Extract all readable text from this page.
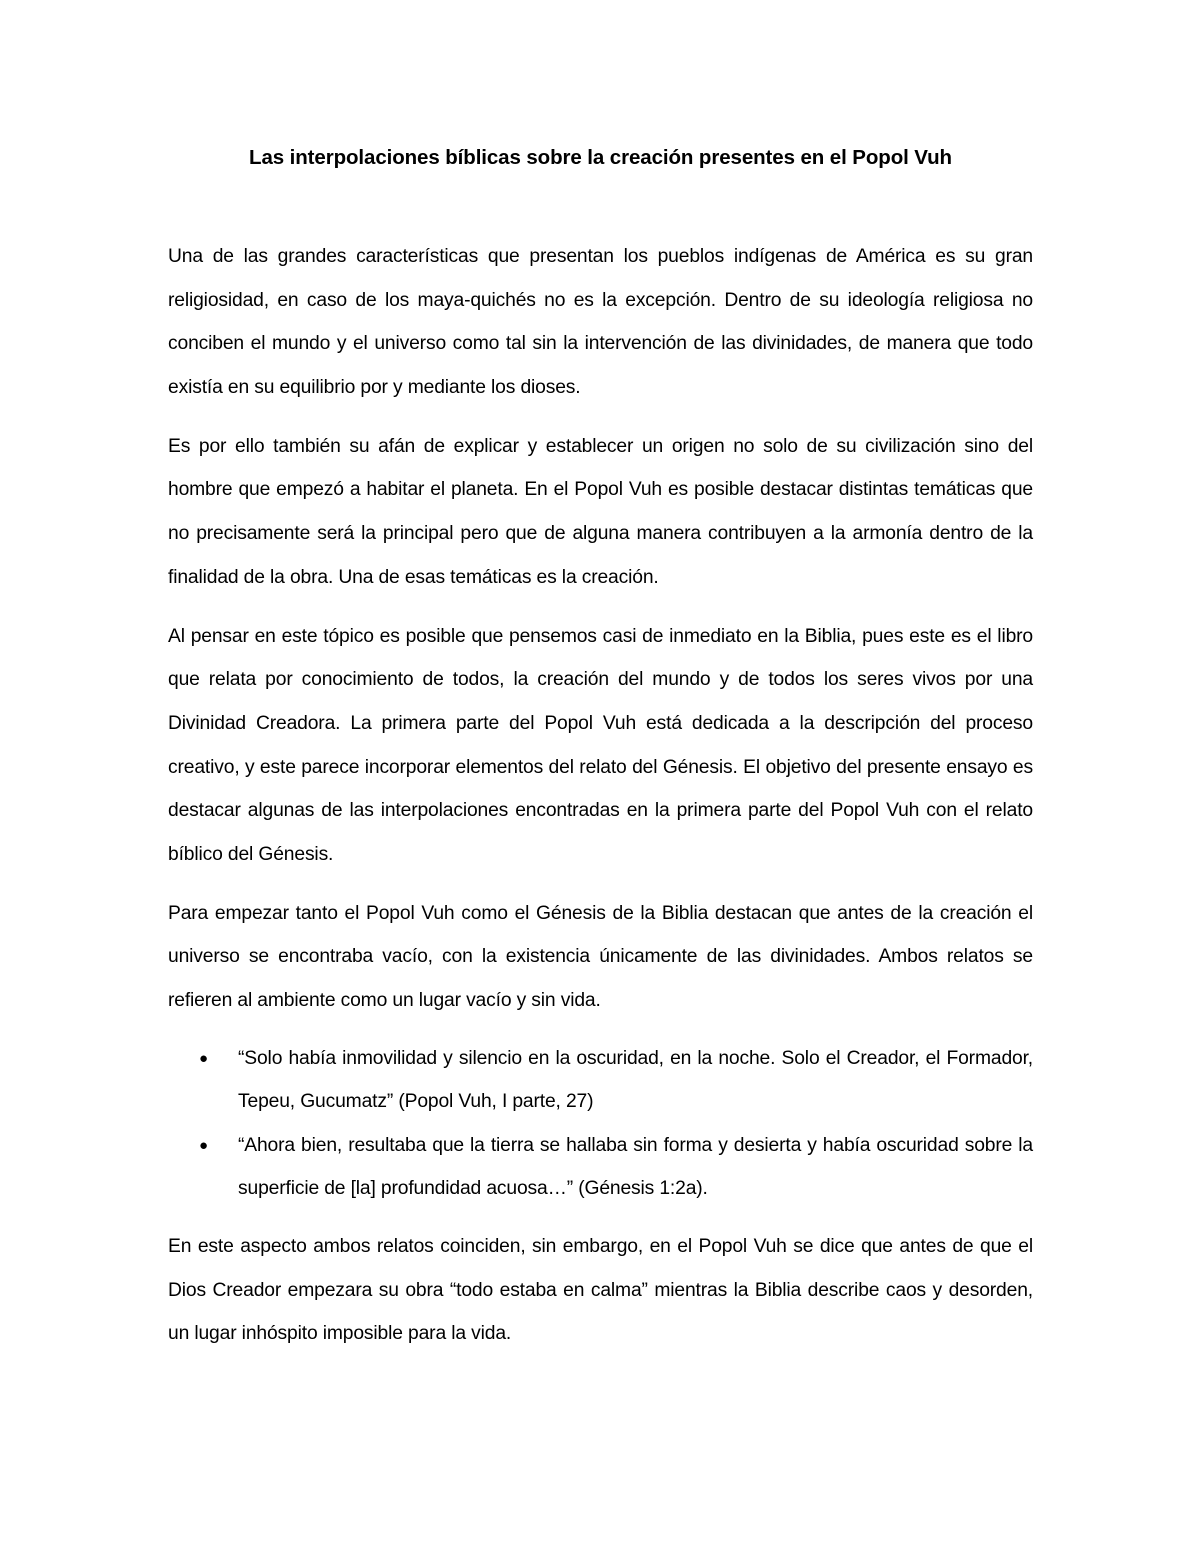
Las interpolaciones bíblicas sobre la creación presentes en el Popol Vuh

Una de las grandes características que presentan los pueblos indígenas de América es su gran religiosidad, en caso de los maya-quichés no es la excepción. Dentro de su ideología religiosa no conciben el mundo y el universo como tal sin la intervención de las divinidades, de manera que todo existía en su equilibrio por y mediante los dioses.

Es por ello también su afán de explicar y establecer un origen no solo de su civilización sino del hombre que empezó a habitar el planeta. En el Popol Vuh es posible destacar distintas temáticas que no precisamente será la principal pero que de alguna manera contribuyen a la armonía dentro de la finalidad de la obra. Una de esas temáticas es la creación.

Al pensar en este tópico es posible que pensemos casi de inmediato en la Biblia, pues este es el libro que relata por conocimiento de todos, la creación del mundo y de todos los seres vivos por una Divinidad Creadora. La primera parte del Popol Vuh está dedicada a la descripción del proceso creativo, y este parece incorporar elementos del relato del Génesis. El objetivo del presente ensayo es destacar algunas de las interpolaciones encontradas en la primera parte del Popol Vuh con el relato bíblico del Génesis.

Para empezar tanto el Popol Vuh como el Génesis de la Biblia destacan que antes de la creación el universo se encontraba vacío, con la existencia únicamente de las divinidades. Ambos relatos se refieren al ambiente como un lugar vacío y sin vida.

● “Solo había inmovilidad y silencio en la oscuridad, en la noche. Solo el Creador, el Formador, Tepeu, Gucumatz” (Popol Vuh, I parte, 27)
● “Ahora bien, resultaba que la tierra se hallaba sin forma y desierta y había oscuridad sobre la superficie de [la] profundidad acuosa…” (Génesis 1:2a).

En este aspecto ambos relatos coinciden, sin embargo, en el Popol Vuh se dice que antes de que el Dios Creador empezara su obra “todo estaba en calma” mientras la Biblia describe caos y desorden, un lugar inhóspito imposible para la vida.
